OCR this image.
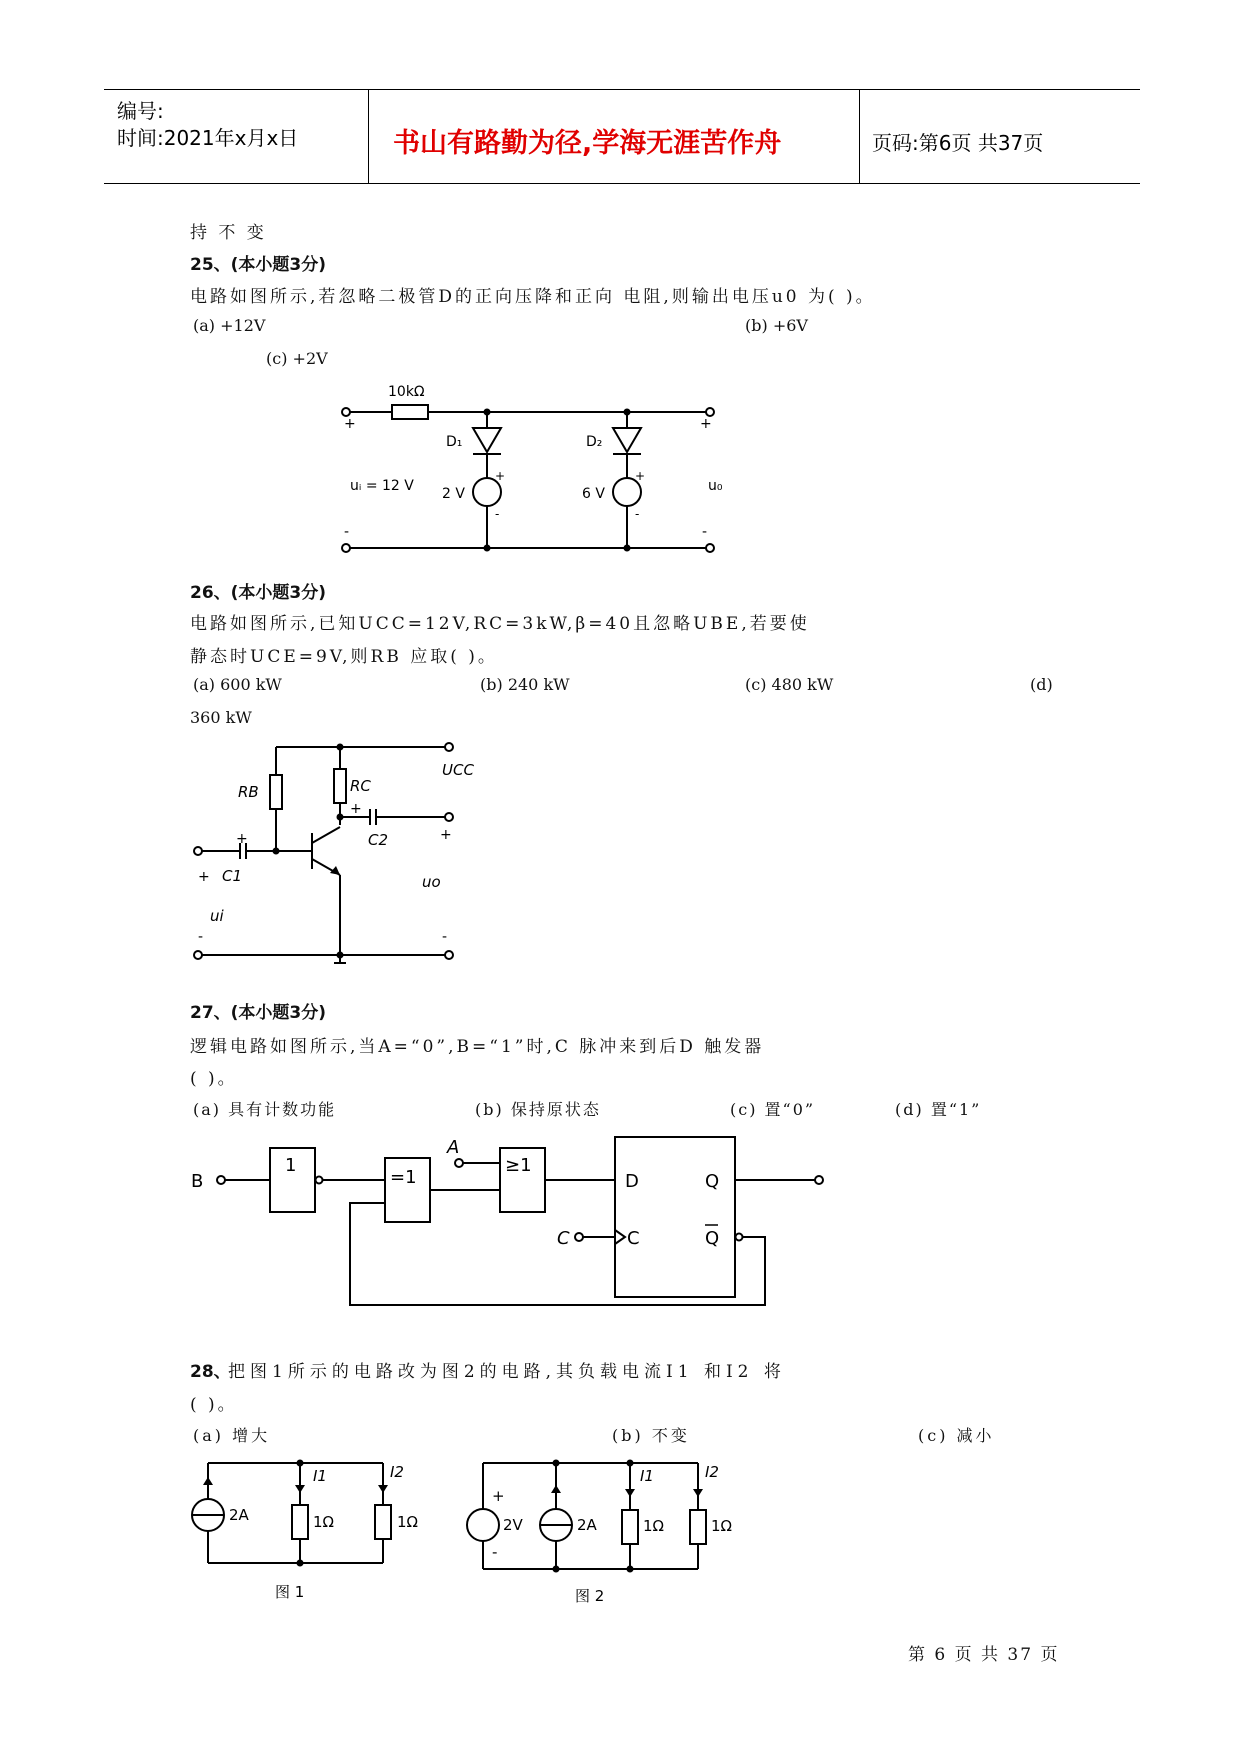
编号:
时间:2021年x月x日	书山有路勤为径,学海无涯苦作舟	页码:第6页 共37页
持 不 变
25、(本小题3分)
电路如图所示,若忽略二极管D的正向压降和正向 电阻,则输出电压u0 为( )。
(a) +12V	(b) +6V
(c) +2V
10kΩ
+	+
-	-
D₁	D₂
uᵢ = 12 V 2 V	6 V
+
-
+
-
u₀
26、(本小题3分)
电路如图所示,已知UCC=12V,RC=3kW,β=40且忽略UBE,若要使
静态时UCE=9V,则RB 应取( )。
(a) 600 kW	(b) 240 kW	(c) 480 kW	(d)
360 kW
UCC
RB	RC
C2
C1
ui
uo
+
+
+
+
-	-
27、(本小题3分)
逻辑电路如图所示,当A=“0”,B=“1”时,C 脉冲来到后D 触发器
( )。
(a) 具有计数功能	(b) 保持原状态	(c) 置“0”	(d) 置“1”
B
1
=1
≥1
A
C
D
C
Q
Q
28、
把图1所示的电路改为图2的电路,其负载电流I1 和I2 将
( )。
(a) 增大	(b) 不变	(c) 减小
2A
I1	I2
1Ω	1Ω
图 1
+
-
2V	2A
I1	I2
1Ω	1Ω
图 2
第 6 页 共 37 页
